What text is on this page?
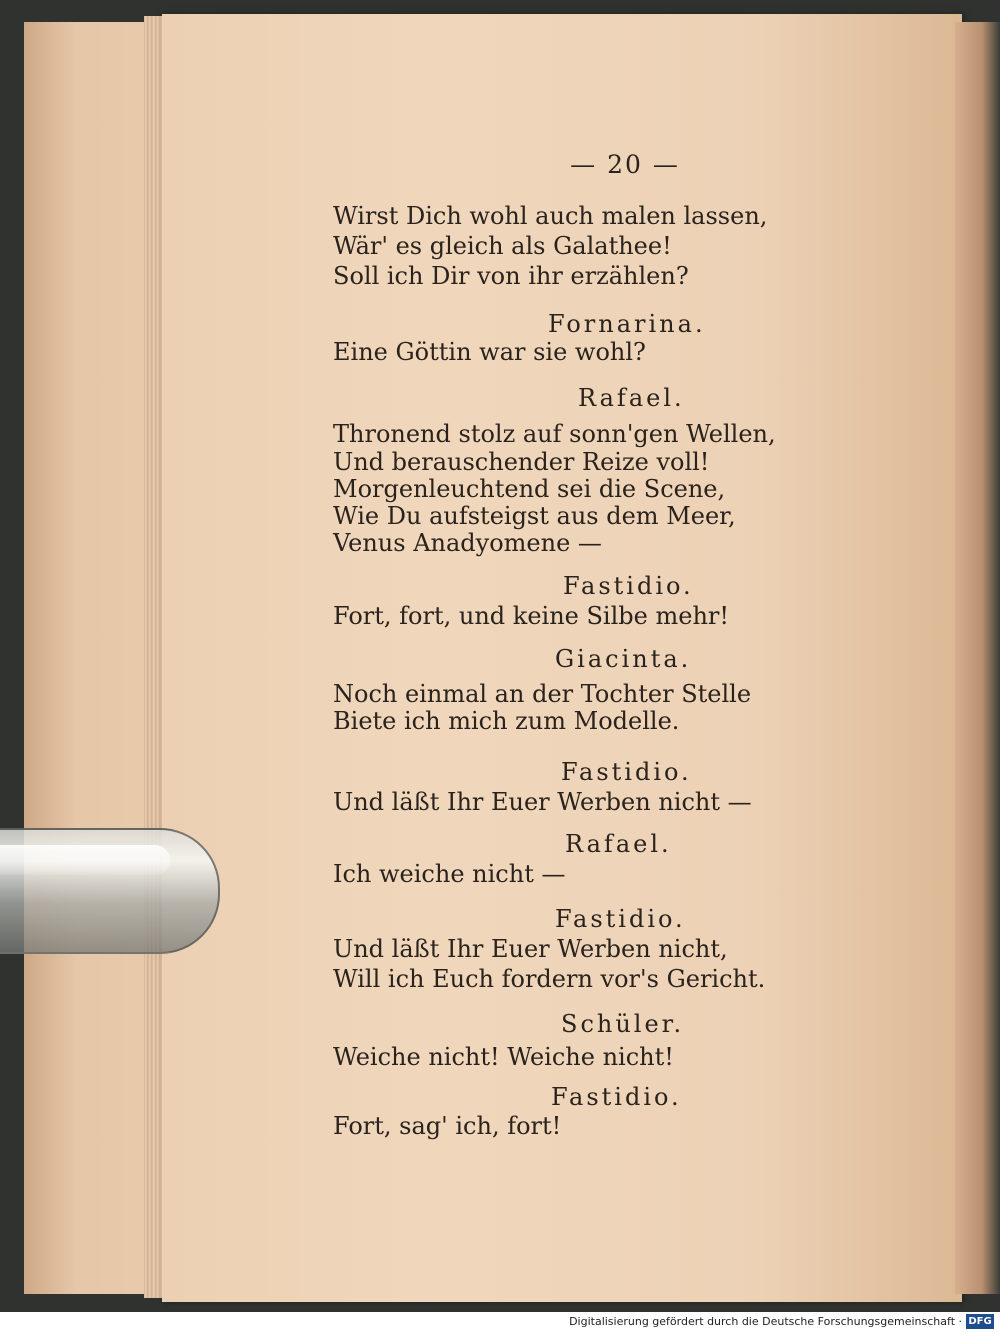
— 20 —
Wirst Dich wohl auch malen lassen,
Wär' es gleich als Galathee!
Soll ich Dir von ihr erzählen?
Fornarina.
Eine Göttin war sie wohl?
Rafael.
Thronend stolz auf sonn'gen Wellen,
Und berauschender Reize voll!
Morgenleuchtend sei die Scene,
Wie Du aufsteigst aus dem Meer,
Venus Anadyomene —
Fastidio.
Fort, fort, und keine Silbe mehr!
Giacinta.
Noch einmal an der Tochter Stelle
Biete ich mich zum Modelle.
Fastidio.
Und läßt Ihr Euer Werben nicht —
Rafael.
Ich weiche nicht —
Fastidio.
Und läßt Ihr Euer Werben nicht,
Will ich Euch fordern vor's Gericht.
Schüler.
Weiche nicht! Weiche nicht!
Fastidio.
Fort, sag' ich, fort!
Digitalisierung gefördert durch die Deutsche Forschungsgemeinschaft · DFG
